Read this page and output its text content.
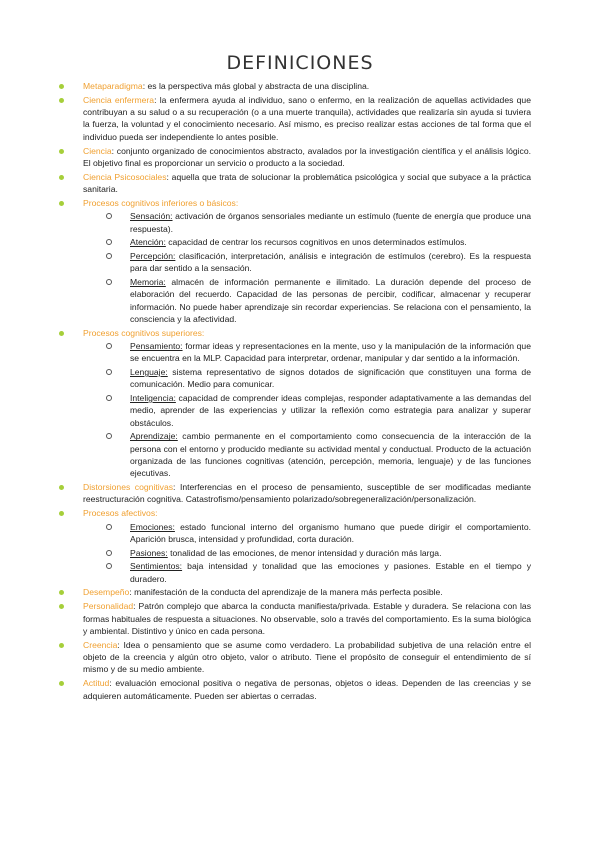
DEFINICIONES
Metaparadigma: es la perspectiva más global y abstracta de una disciplina.
Ciencia enfermera: la enfermera ayuda al individuo, sano o enfermo, en la realización de aquellas actividades que contribuyan a su salud o a su recuperación (o a una muerte tranquila), actividades que realizaría sin ayuda si tuviera la fuerza, la voluntad y el conocimiento necesario. Así mismo, es preciso realizar estas acciones de tal forma que el individuo pueda ser independiente lo antes posible.
Ciencia: conjunto organizado de conocimientos abstracto, avalados por la investigación científica y el análisis lógico. El objetivo final es proporcionar un servicio o producto a la sociedad.
Ciencia Psicosociales: aquella que trata de solucionar la problemática psicológica y social que subyace a la práctica sanitaria.
Procesos cognitivos inferiores o básicos:
Sensación: activación de órganos sensoriales mediante un estímulo (fuente de energía que produce una respuesta).
Atención: capacidad de centrar los recursos cognitivos en unos determinados estímulos.
Percepción: clasificación, interpretación, análisis e integración de estímulos (cerebro). Es la respuesta para dar sentido a la sensación.
Memoria: almacén de información permanente e ilimitado. La duración depende del proceso de elaboración del recuerdo. Capacidad de las personas de percibir, codificar, almacenar y recuperar información. No puede haber aprendizaje sin recordar experiencias. Se relaciona con el pensamiento, la consciencia y la afectividad.
Procesos cognitivos superiores:
Pensamiento: formar ideas y representaciones en la mente, uso y la manipulación de la información que se encuentra en la MLP. Capacidad para interpretar, ordenar, manipular y dar sentido a la información.
Lenguaje: sistema representativo de signos dotados de significación que constituyen una forma de comunicación. Medio para comunicar.
Inteligencia: capacidad de comprender ideas complejas, responder adaptativamente a las demandas del medio, aprender de las experiencias y utilizar la reflexión como estrategia para analizar y superar obstáculos.
Aprendizaje: cambio permanente en el comportamiento como consecuencia de la interacción de la persona con el entorno y producido mediante su actividad mental y conductual. Producto de la actuación organizada de las funciones cognitivas (atención, percepción, memoria, lenguaje) y de las funciones ejecutivas.
Distorsiones cognitivas: Interferencias en el proceso de pensamiento, susceptible de ser modificadas mediante reestructuración cognitiva. Catastrofismo/pensamiento polarizado/sobregeneralización/personalización.
Procesos afectivos:
Emociones: estado funcional interno del organismo humano que puede dirigir el comportamiento. Aparición brusca, intensidad y profundidad, corta duración.
Pasiones: tonalidad de las emociones, de menor intensidad y duración más larga.
Sentimientos: baja intensidad y tonalidad que las emociones y pasiones. Estable en el tiempo y duradero.
Desempeño: manifestación de la conducta del aprendizaje de la manera más perfecta posible.
Personalidad: Patrón complejo que abarca la conducta manifiesta/privada. Estable y duradera. Se relaciona con las formas habituales de respuesta a situaciones. No observable, solo a través del comportamiento. Es la suma biológica y ambiental. Distintivo y único en cada persona.
Creencia: Idea o pensamiento que se asume como verdadero. La probabilidad subjetiva de una relación entre el objeto de la creencia y algún otro objeto, valor o atributo. Tiene el propósito de conseguir el entendimiento de sí mismo y de su medio ambiente.
Actitud: evaluación emocional positiva o negativa de personas, objetos o ideas. Dependen de las creencias y se adquieren automáticamente. Pueden ser abiertas o cerradas.
